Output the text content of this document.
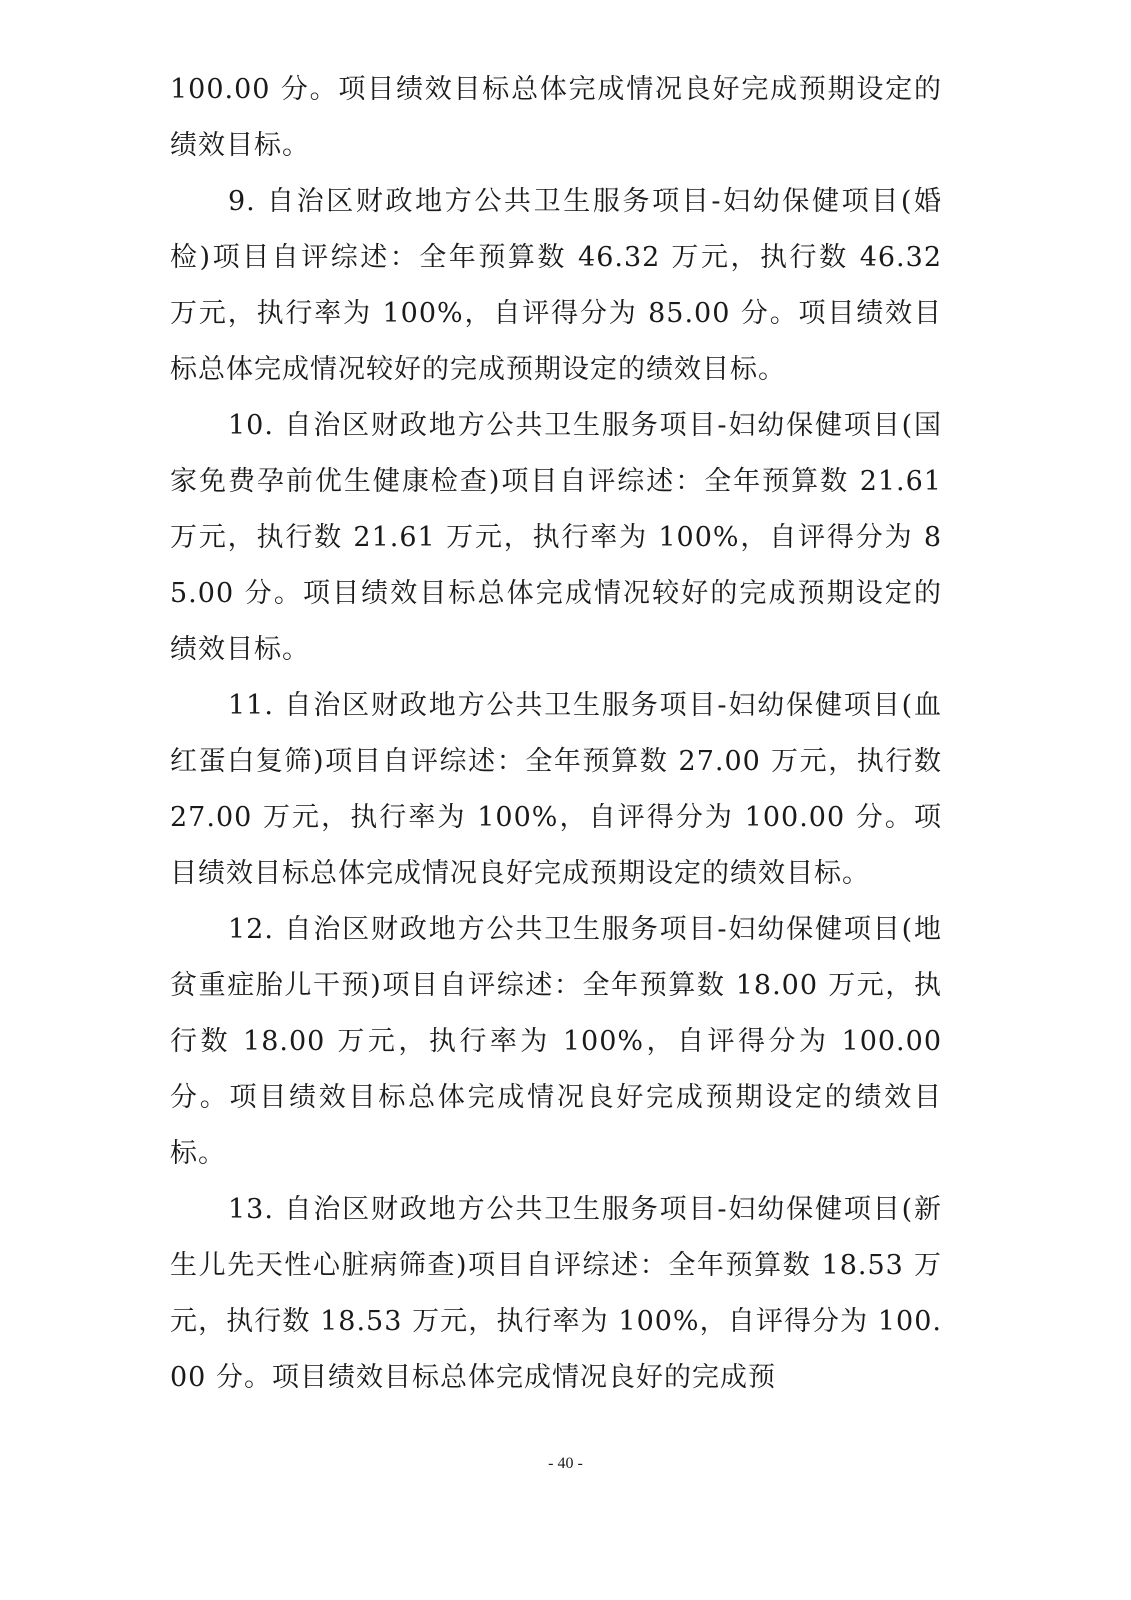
100.00 分。项目绩效目标总体完成情况良好完成预期设定的绩效目标。

9. 自治区财政地方公共卫生服务项目-妇幼保健项目(婚检)项目自评综述：全年预算数 46.32 万元，执行数 46.32 万元，执行率为 100%，自评得分为 85.00 分。项目绩效目标总体完成情况较好的完成预期设定的绩效目标。

10. 自治区财政地方公共卫生服务项目-妇幼保健项目(国家免费孕前优生健康检查)项目自评综述：全年预算数 21.61 万元，执行数 21.61 万元，执行率为 100%，自评得分为 85.00 分。项目绩效目标总体完成情况较好的完成预期设定的绩效目标。

11. 自治区财政地方公共卫生服务项目-妇幼保健项目(血红蛋白复筛)项目自评综述：全年预算数 27.00 万元，执行数 27.00 万元，执行率为 100%，自评得分为 100.00 分。项目绩效目标总体完成情况良好完成预期设定的绩效目标。

12. 自治区财政地方公共卫生服务项目-妇幼保健项目(地贫重症胎儿干预)项目自评综述：全年预算数 18.00 万元，执行数 18.00 万元，执行率为 100%，自评得分为 100.00 分。项目绩效目标总体完成情况良好完成预期设定的绩效目标。

13. 自治区财政地方公共卫生服务项目-妇幼保健项目(新生儿先天性心脏病筛查)项目自评综述：全年预算数 18.53 万元，执行数 18.53 万元，执行率为 100%，自评得分为 100.00 分。项目绩效目标总体完成情况良好的完成预

- 40 -
